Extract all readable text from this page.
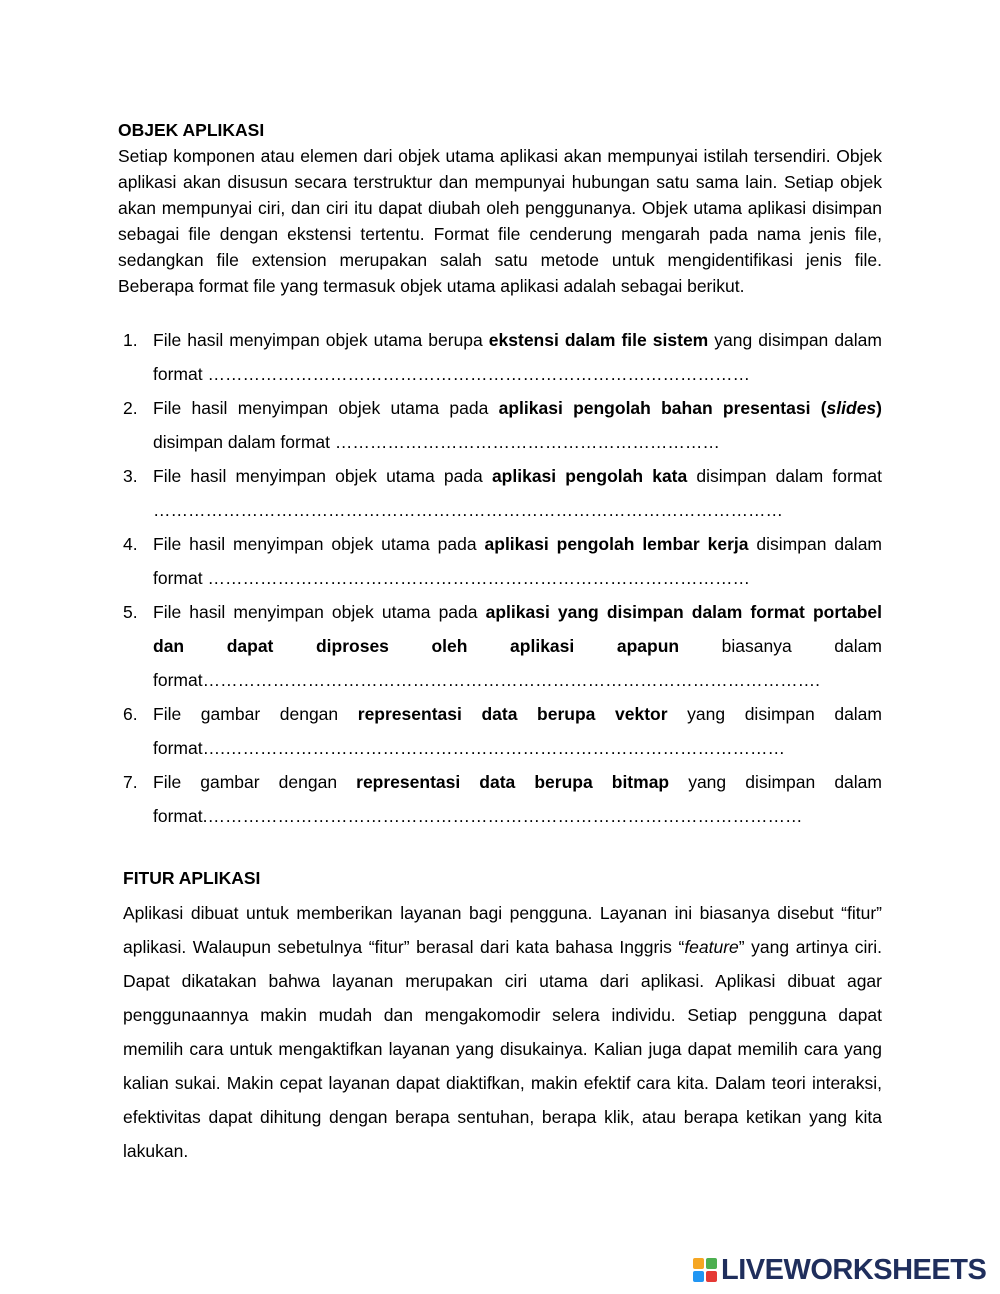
OBJEK APLIKASI

Setiap komponen atau elemen dari objek utama aplikasi akan mempunyai istilah tersendiri. Objek aplikasi akan disusun secara terstruktur dan mempunyai hubungan satu sama lain. Setiap objek akan mempunyai ciri, dan ciri itu dapat diubah oleh penggunanya. Objek utama aplikasi disimpan sebagai file dengan ekstensi tertentu. Format file cenderung mengarah pada nama jenis file, sedangkan file extension merupakan salah satu metode untuk mengidentifikasi jenis file. Beberapa format file yang termasuk objek utama aplikasi adalah sebagai berikut.

1. File hasil menyimpan objek utama berupa ekstensi dalam file sistem yang disimpan dalam format …………………………………………………………………………………
2. File hasil menyimpan objek utama pada aplikasi pengolah bahan presentasi (slides) disimpan dalam format …………………………………………………………
3. File hasil menyimpan objek utama pada aplikasi pengolah kata disimpan dalam format ………………………………………………………………………………………………
4. File hasil menyimpan objek utama pada aplikasi pengolah lembar kerja disimpan dalam format …………………………………………………………………………………
5. File hasil menyimpan objek utama pada aplikasi yang disimpan dalam format portabel dan dapat diproses oleh aplikasi apapun biasanya dalam format…………………………………………………………………………………………….
6. File gambar dengan representasi data berupa vektor yang disimpan dalam format….……………………………………………………………………………………
7. File gambar dengan representasi data berupa bitmap yang disimpan dalam format.…………………………………………………………………………………………
FITUR APLIKASI

Aplikasi dibuat untuk memberikan layanan bagi pengguna. Layanan ini biasanya disebut “fitur” aplikasi. Walaupun sebetulnya “fitur” berasal dari kata bahasa Inggris “feature” yang artinya ciri. Dapat dikatakan bahwa layanan merupakan ciri utama dari aplikasi. Aplikasi dibuat agar penggunaannya makin mudah dan mengakomodir selera individu. Setiap pengguna dapat memilih cara untuk mengaktifkan layanan yang disukainya. Kalian juga dapat memilih cara yang kalian sukai. Makin cepat layanan dapat diaktifkan, makin efektif cara kita. Dalam teori interaksi, efektivitas dapat dihitung dengan berapa sentuhan, berapa klik, atau berapa ketikan yang kita lakukan.

LIVEWORKSHEETS
